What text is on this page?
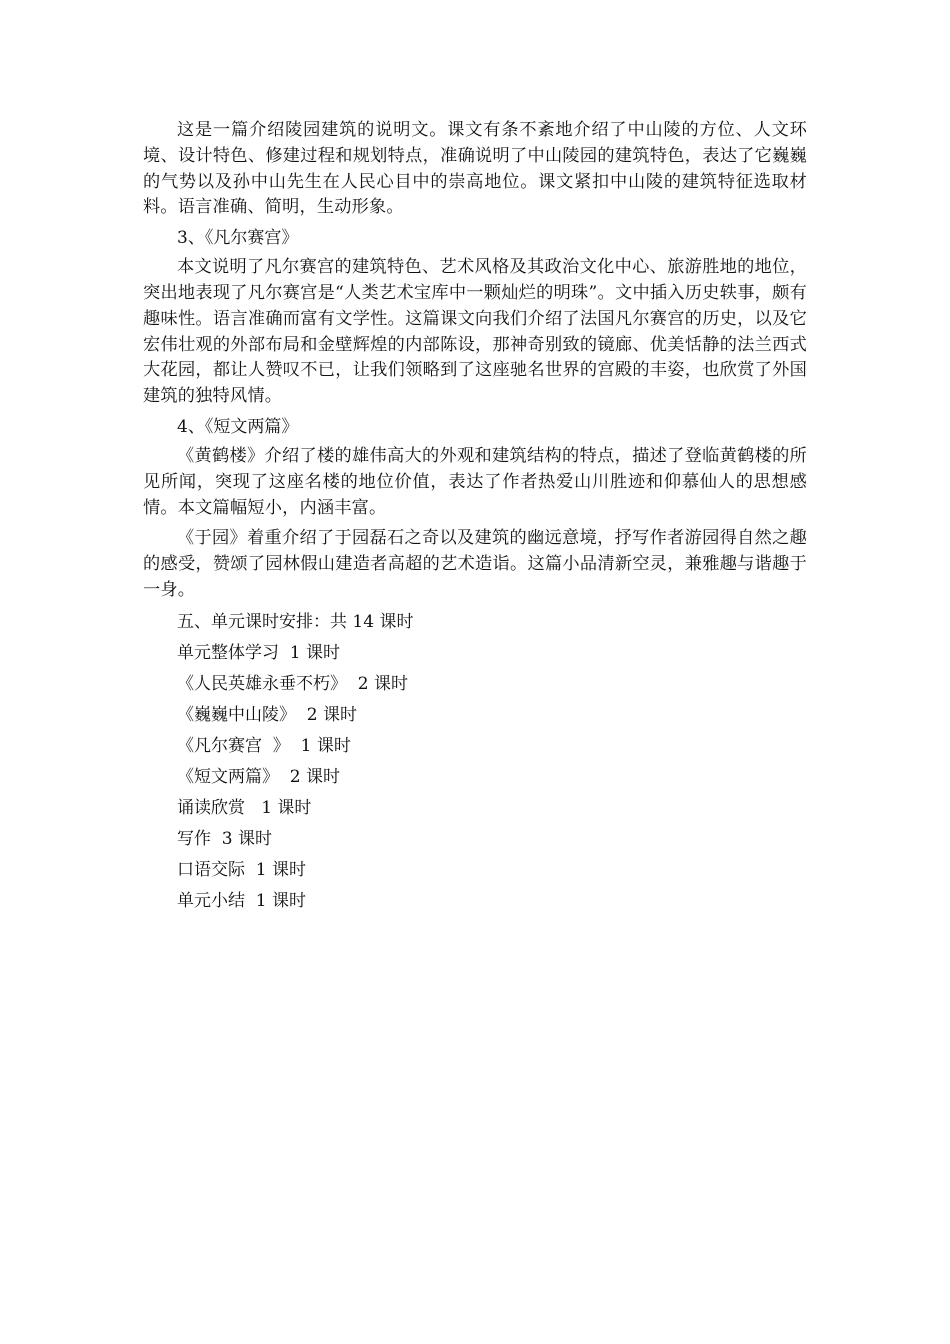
这是一篇介绍陵园建筑的说明文。课文有条不紊地介绍了中山陵的方位、人文环境、设计特色、修建过程和规划特点，准确说明了中山陵园的建筑特色，表达了它巍巍的气势以及孙中山先生在人民心目中的崇高地位。课文紧扣中山陵的建筑特征选取材料。语言准确、简明，生动形象。

3、《凡尔赛宫》

本文说明了凡尔赛宫的建筑特色、艺术风格及其政治文化中心、旅游胜地的地位，突出地表现了凡尔赛宫是“人类艺术宝库中一颗灿烂的明珠”。文中插入历史轶事，颇有趣味性。语言准确而富有文学性。这篇课文向我们介绍了法国凡尔赛宫的历史，以及它宏伟壮观的外部布局和金壁辉煌的内部陈设，那神奇别致的镜廊、优美恬静的法兰西式大花园，都让人赞叹不已，让我们领略到了这座驰名世界的宫殿的丰姿，也欣赏了外国建筑的独特风情。

4、《短文两篇》

《黄鹤楼》介绍了楼的雄伟高大的外观和建筑结构的特点，描述了登临黄鹤楼的所见所闻，突现了这座名楼的地位价值，表达了作者热爱山川胜迹和仰慕仙人的思想感情。本文篇幅短小，内涵丰富。

《于园》着重介绍了于园磊石之奇以及建筑的幽远意境，抒写作者游园得自然之趣的感受，赞颂了园林假山建造者高超的艺术造诣。这篇小品清新空灵，兼雅趣与谐趣于一身。

五、单元课时安排：共 14 课时
单元整体学习  1 课时
《人民英雄永垂不朽》  2 课时
《巍巍中山陵》  2 课时
《凡尔赛宫  》  1 课时
《短文两篇》  2 课时
诵读欣赏   1 课时
写作  3 课时
口语交际  1 课时
单元小结  1 课时
